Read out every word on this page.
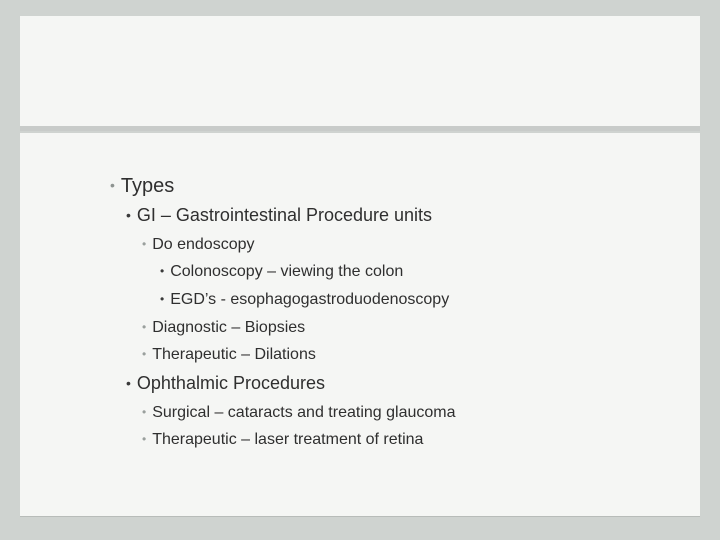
• Types
• GI – Gastrointestinal Procedure units
• Do endoscopy
• Colonoscopy – viewing the colon
• EGD’s - esophagogastroduodenoscopy
• Diagnostic – Biopsies
• Therapeutic – Dilations
• Ophthalmic Procedures
• Surgical – cataracts and treating glaucoma
• Therapeutic – laser treatment of retina
